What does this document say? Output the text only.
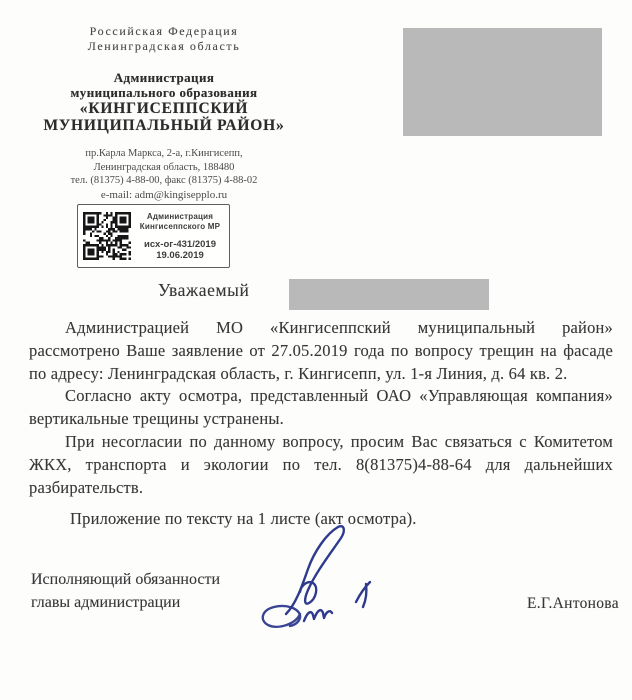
Российская Федерация
Ленинградская область
Администрация
муниципального образования
«КИНГИСЕППСКИЙ
МУНИЦИПАЛЬНЫЙ РАЙОН»
пр.Карла Маркса, 2-а, г.Кингисепп,
Ленинградская область, 188480
тел. (81375) 4-88-00, факс (81375) 4-88-02
e-mail: adm@kingisepplo.ru
Администрация
Кингисеппского МР
исх-ог-431/2019
19.06.2019
Уважаемый

Администрацией МО «Кингисеппский муниципальный район» рассмотрено Ваше заявление от 27.05.2019 года по вопросу трещин на фасаде по адресу: Ленинградская область, г. Кингисепп, ул. 1-я Линия, д. 64 кв. 2.

Согласно акту осмотра, представленный ОАО «Управляющая компания» вертикальные трещины устранены.

При несогласии по данному вопросу, просим Вас связаться с Комитетом ЖКХ, транспорта и экологии по тел. 8(81375)4-88-64 для дальнейших разбирательств.

Приложение по тексту на 1 листе (акт осмотра).
Исполняющий обязанности
главы администрации	Е.Г.Антонова
